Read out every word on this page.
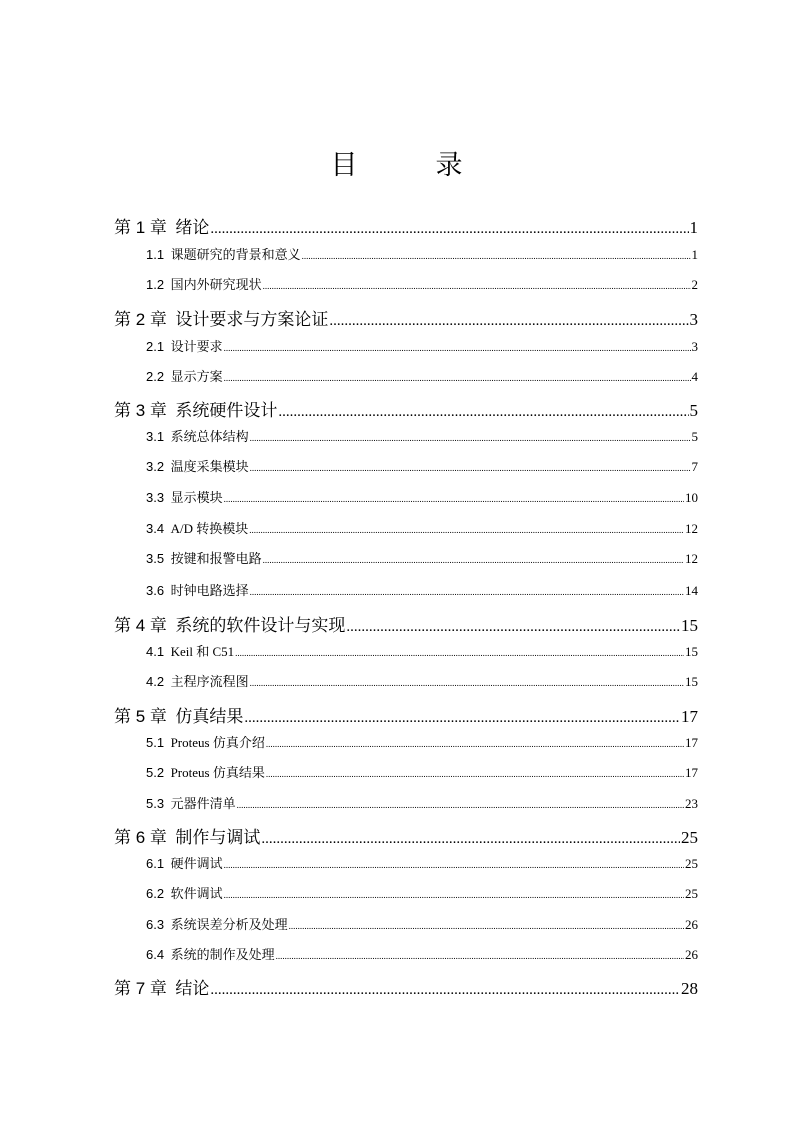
目	录
第 1 章 绪论 .....	1
1.1 课题研究的背景和意义 .....	1
1.2 国内外研究现状 .....	2
第 2 章 设计要求与方案论证 .....	3
2.1 设计要求 .....	3
2.2 显示方案 .....	4
第 3 章 系统硬件设计 .....	5
3.1 系统总体结构 .....	5
3.2 温度采集模块 .....	7
3.3 显示模块 .....	10
3.4 A/D 转换模块 .....	12
3.5 按键和报警电路 .....	12
3.6 时钟电路选择 .....	14
第 4 章 系统的软件设计与实现 .....	15
4.1 Keil 和 C51 .....	15
4.2 主程序流程图 .....	15
第 5 章 仿真结果 .....	17
5.1 Proteus 仿真介绍 .....	17
5.2 Proteus 仿真结果 .....	17
5.3 元器件清单 .....	23
第 6 章 制作与调试 .....	25
6.1 硬件调试 .....	25
6.2 软件调试 .....	25
6.3 系统误差分析及处理 .....	26
6.4 系统的制作及处理 .....	26
第 7 章 结论 .....	28
